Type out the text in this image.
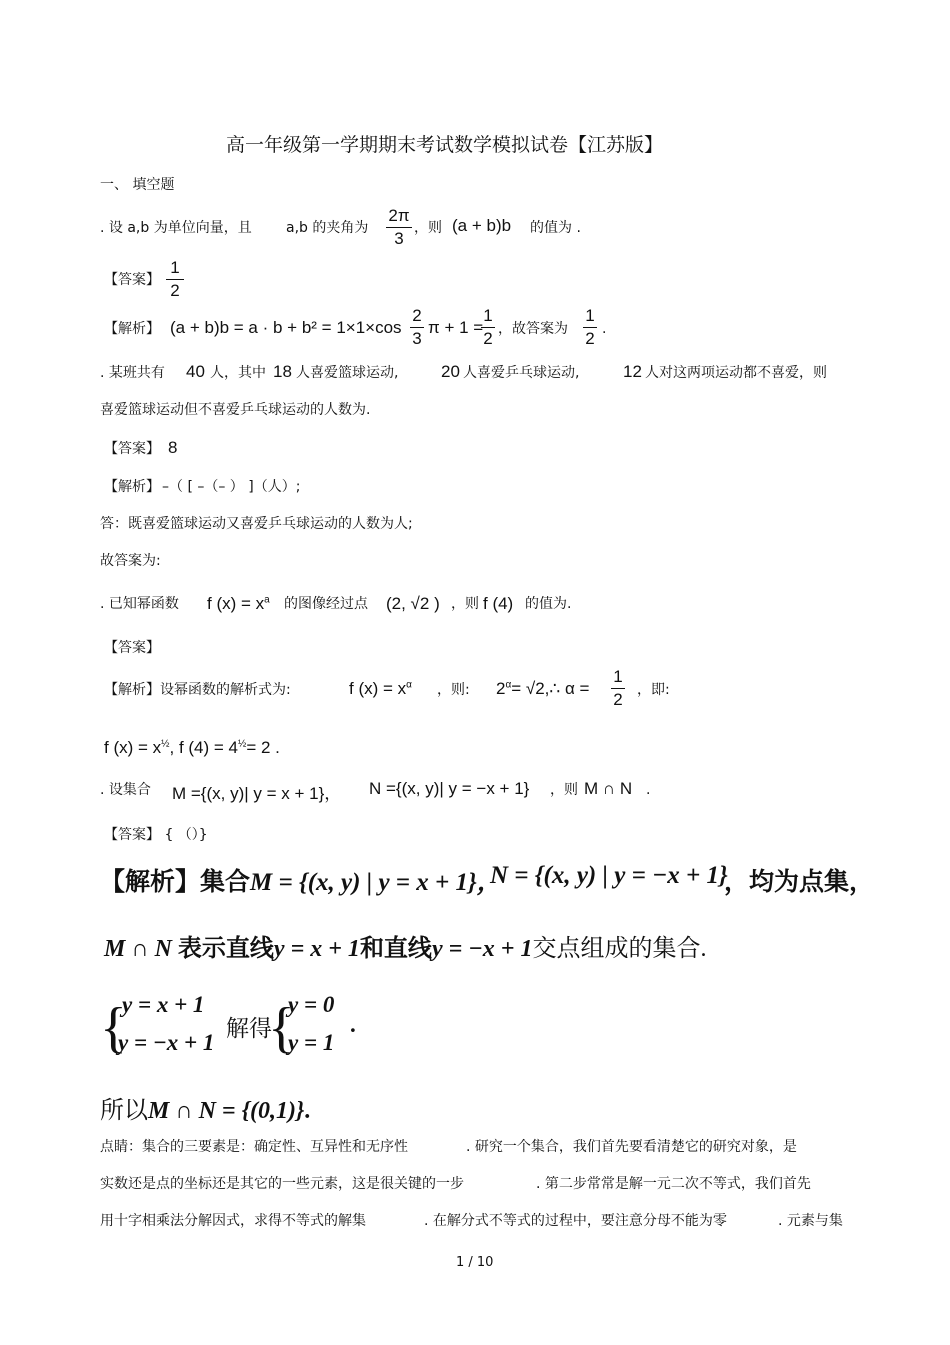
高一年级第一学期期末考试数学模拟试卷【江苏版】
一、 填空题
. 设 a,b 为单位向量，且 a,b 的夹角为
2π
3
，则 (a + b)b 的值为 .
【答案】
1
2
【解析】 (a + b)b = a · b + b² = 1×1×cos
2
3
π + 1 =
1
2 ，故答案为
1
2 .
. 某班共有 40 人，其中 18 人喜爱篮球运动,	20 人喜爱乒乓球运动,	12 人对这两项运动都不喜爱，则
喜爱篮球运动但不喜爱乒乓球运动的人数为.
【答案】 8
【解析】 –（ [ –（– ） ]（人）;
答：既喜爱篮球运动又喜爱乒乓球运动的人数为人;
故答案为:
. 已知幂函数 f $(x) = x^a$ 的图像经过点 (2, √2 ) ，则 f (4) 的值为.
【答案】
【解析】设幂函数的解析式为:	f $(x) = x^\alpha$ ，则: $2^\alpha=$ √2,∴ α =
1
2 ，即:
f $(x) = x^{\frac{1}{2}}$, f $(4) = 4^{\frac{1}{2}}= 2$ .
. 设集合 M ={(x, y)| y = x + 1}， N ={(x, y)| y = −x + 1} ，则 M ∩ N .
【答案】 { （）}
【解析】集合M = {(x, y) | y = x + 1}，
N = {(x, y) | y = −x + 1}
，均为点集，
M ∩ N 表示直线y = x + 1和直线y = −x + 1交点组成的集合.
{
y = x + 1
y = −x + 1
解得
{
y = 0
y = 1
.
所以M ∩ N = {(0,1)}.
点睛：集合的三要素是：确定性、互异性和无序性	. 研究一个集合，我们首先要看清楚它的研究对象，是
实数还是点的坐标还是其它的一些元素，这是很关键的一步	. 第二步常常是解一元二次不等式，我们首先
用十字相乘法分解因式，求得不等式的解集	. 在解分式不等式的过程中，要注意分母不能为零	. 元素与集
1 / 10
